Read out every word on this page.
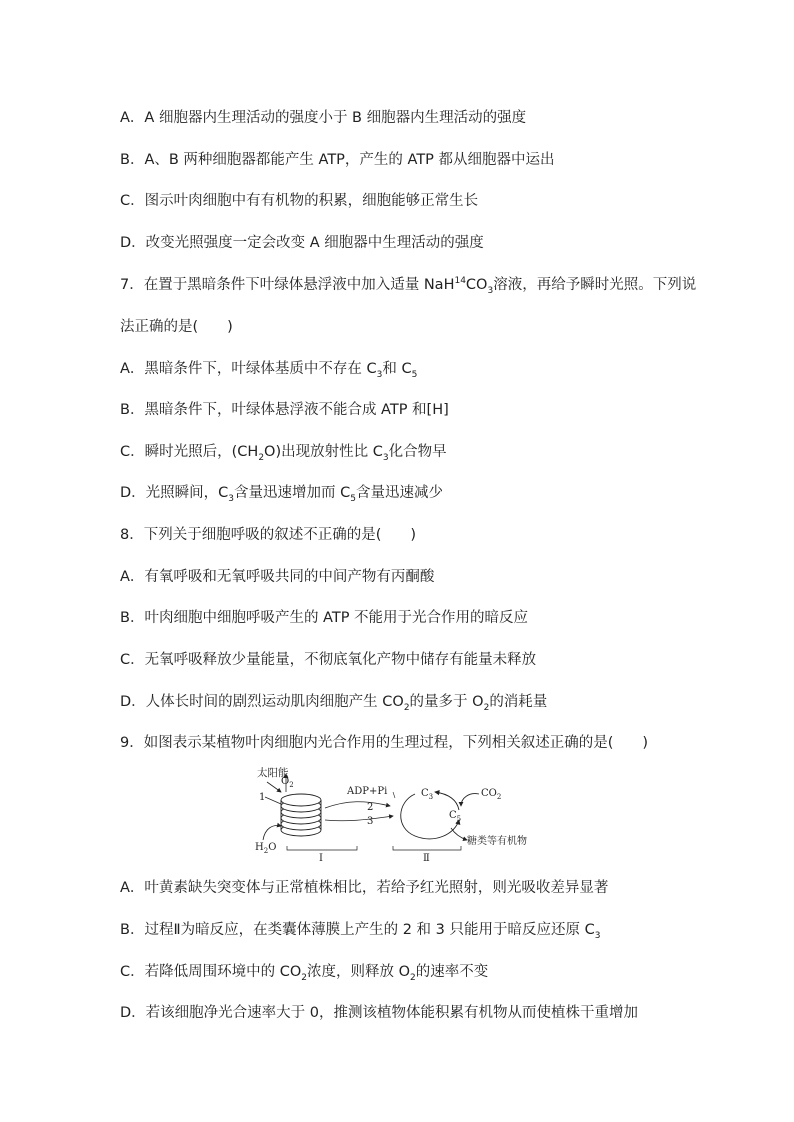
A．A 细胞器内生理活动的强度小于 B 细胞器内生理活动的强度
B．A、B 两种细胞器都能产生 ATP，产生的 ATP 都从细胞器中运出
C．图示叶肉细胞中有有机物的积累，细胞能够正常生长
D．改变光照强度一定会改变 A 细胞器中生理活动的强度
7．在置于黑暗条件下叶绿体悬浮液中加入适量 $NaH^{14}CO_3$溶液，再给予瞬时光照。下列说
法正确的是(　　)
A．黑暗条件下，叶绿体基质中不存在 $C_3$和 $C_5$
B．黑暗条件下，叶绿体悬浮液不能合成 ATP 和[H]
C．瞬时光照后，$(CH_2O)$出现放射性比 $C_3$化合物早
D．光照瞬间，$C_3$含量迅速增加而 $C_5$含量迅速减少
8．下列关于细胞呼吸的叙述不正确的是(　　)
A．有氧呼吸和无氧呼吸共同的中间产物有丙酮酸
B．叶肉细胞中细胞呼吸产生的 ATP 不能用于光合作用的暗反应
C．无氧呼吸释放少量能量，不彻底氧化产物中储存有能量未释放
D．人体长时间的剧烈运动肌肉细胞产生 $CO_2$的量多于 $O_2$的消耗量
9．如图表示某植物叶肉细胞内光合作用的生理过程，下列相关叙述正确的是(　　)
太阳能
$O_2$
1
$H_2O$
ADP+Pi
2
3
$C_3$
$C_5$
$CO_2$
糖类等有机物
Ⅰ	Ⅱ
A．叶黄素缺失突变体与正常植株相比，若给予红光照射，则光吸收差异显著
B．过程Ⅱ为暗反应，在类囊体薄膜上产生的 2 和 3 只能用于暗反应还原 $C_3$
C．若降低周围环境中的 $CO_2$浓度，则释放 $O_2$的速率不变
D．若该细胞净光合速率大于 0，推测该植物体能积累有机物从而使植株干重增加
